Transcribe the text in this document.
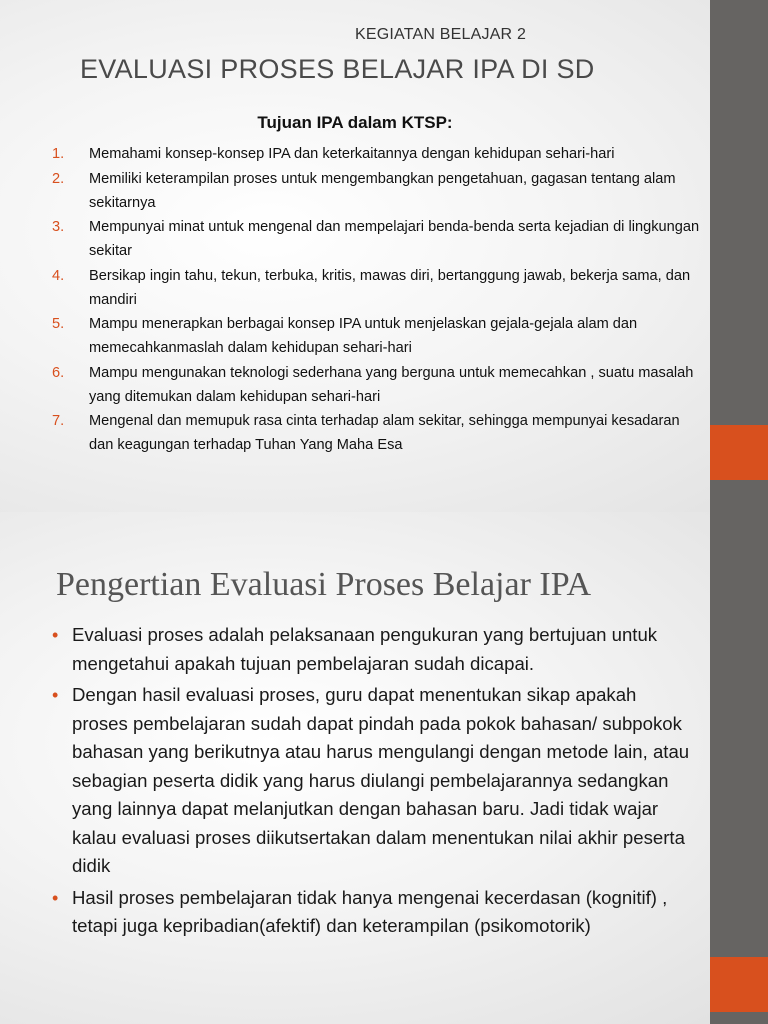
KEGIATAN BELAJAR 2
EVALUASI PROSES BELAJAR IPA DI SD
Tujuan IPA dalam KTSP:
1.	Memahami konsep-konsep IPA dan keterkaitannya dengan kehidupan sehari-hari
2.	Memiliki keterampilan proses untuk mengembangkan pengetahuan, gagasan tentang alam sekitarnya
3.	Mempunyai minat untuk mengenal dan mempelajari benda-benda serta kejadian di lingkungan sekitar
4.	Bersikap ingin tahu, tekun, terbuka, kritis, mawas diri, bertanggung jawab, bekerja sama, dan mandiri
5.	Mampu menerapkan berbagai konsep IPA untuk menjelaskan gejala-gejala alam dan memecahkanmaslah dalam kehidupan sehari-hari
6.	Mampu mengunakan teknologi sederhana yang berguna untuk memecahkan , suatu masalah yang ditemukan dalam kehidupan sehari-hari
7.	Mengenal dan memupuk rasa cinta terhadap alam sekitar, sehingga mempunyai kesadaran dan keagungan terhadap Tuhan Yang Maha Esa
Pengertian Evaluasi Proses Belajar IPA
• Evaluasi proses adalah pelaksanaan pengukuran yang bertujuan untuk mengetahui apakah tujuan pembelajaran sudah dicapai.
• Dengan hasil evaluasi proses, guru dapat menentukan sikap apakah proses pembelajaran sudah dapat pindah pada pokok bahasan/ subpokok bahasan yang berikutnya atau harus mengulangi dengan metode lain, atau sebagian peserta didik yang harus diulangi pembelajarannya sedangkan yang lainnya dapat melanjutkan dengan bahasan baru. Jadi tidak wajar kalau evaluasi proses diikutsertakan dalam menentukan nilai akhir peserta didik
• Hasil proses pembelajaran tidak hanya mengenai kecerdasan (kognitif) , tetapi juga kepribadian(afektif) dan keterampilan (psikomotorik)
